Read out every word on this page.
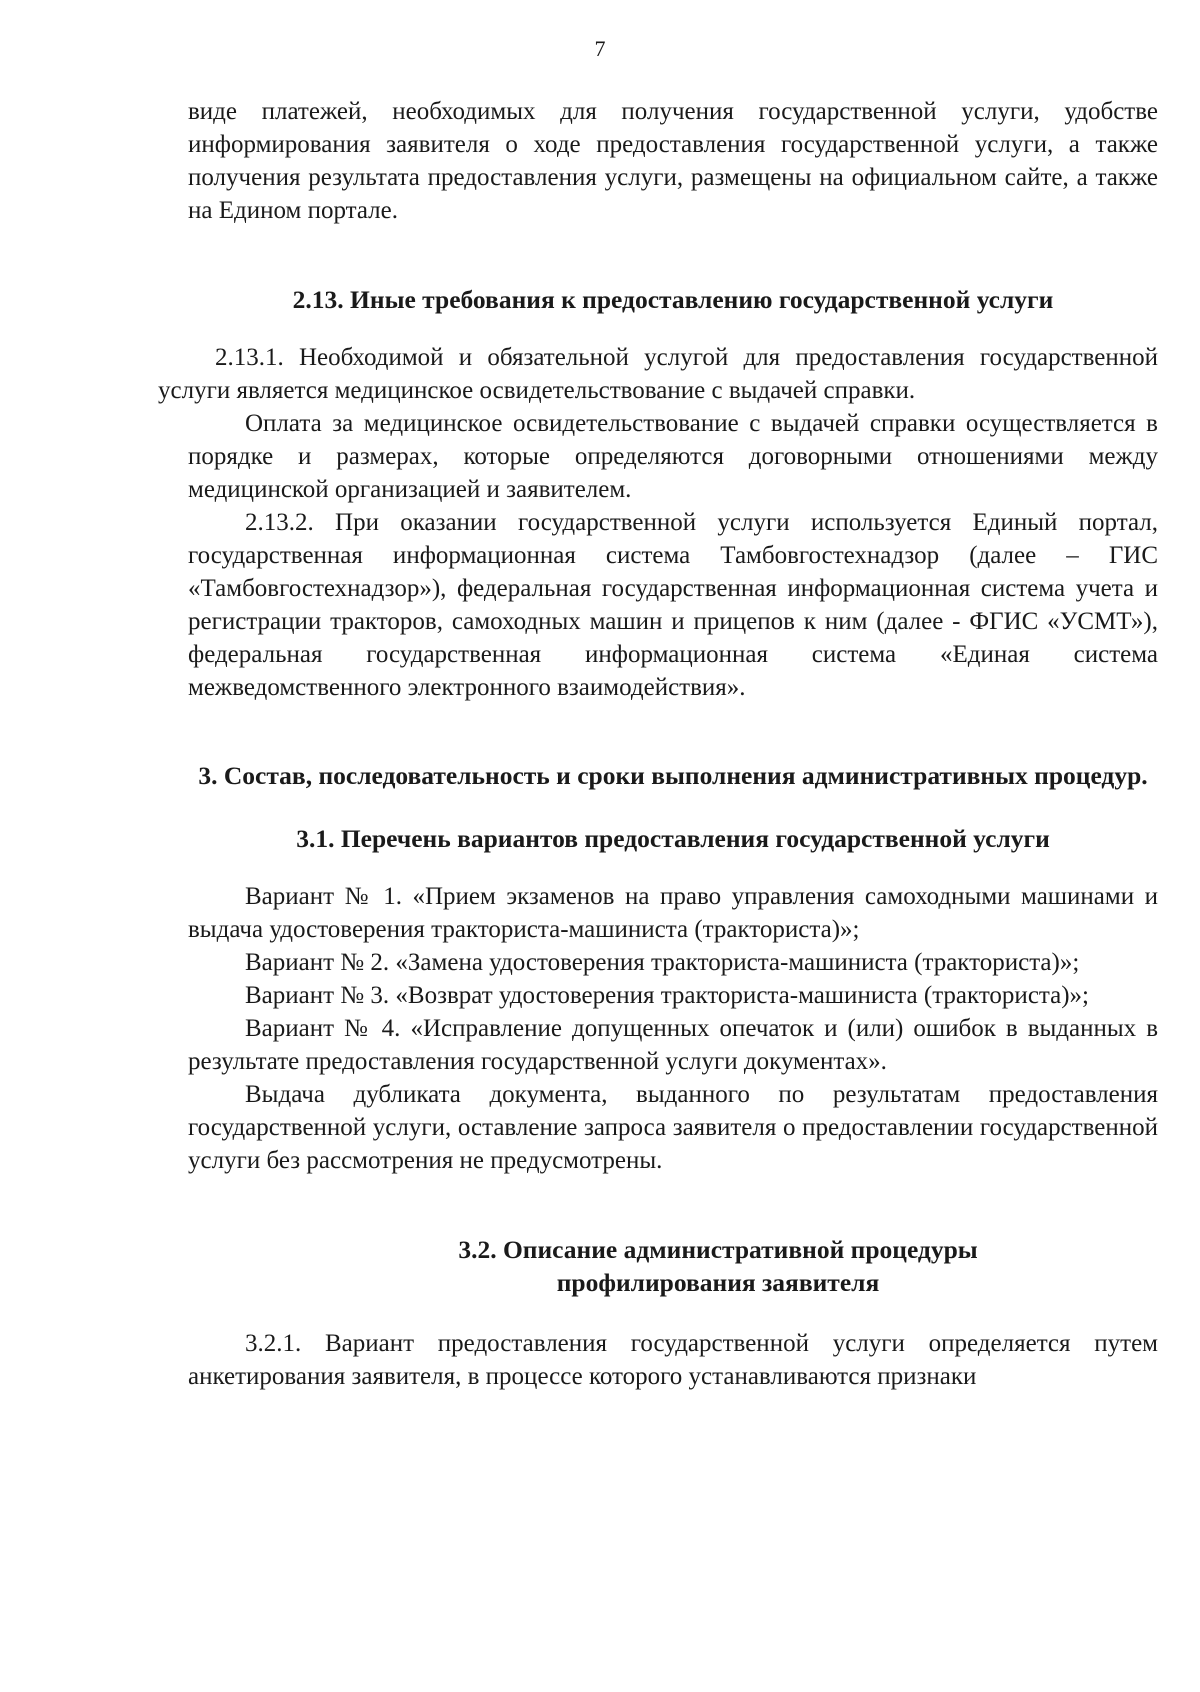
7

виде платежей, необходимых для получения государственной услуги, удобстве информирования заявителя о ходе предоставления государственной услуги, а также получения результата предоставления услуги, размещены на официальном сайте, а также на Едином портале.

2.13. Иные требования к предоставлению государственной услуги

2.13.1. Необходимой и обязательной услугой для предоставления государственной услуги является медицинское освидетельствование с выдачей справки.

Оплата за медицинское освидетельствование с выдачей справки осуществляется в порядке и размерах, которые определяются договорными отношениями между медицинской организацией и заявителем.

2.13.2. При оказании государственной услуги используется Единый портал, государственная информационная система Тамбовгостехнадзор (далее – ГИС «Тамбовгостехнадзор»), федеральная государственная информационная система учета и регистрации тракторов, самоходных машин и прицепов к ним (далее - ФГИС «УСМТ»), федеральная государственная информационная система «Единая система межведомственного электронного взаимодействия».

3. Состав, последовательность и сроки выполнения административных процедур.

3.1. Перечень вариантов предоставления государственной услуги

Вариант № 1. «Прием экзаменов на право управления самоходными машинами и выдача удостоверения тракториста-машиниста (тракториста)»;

Вариант № 2. «Замена удостоверения тракториста-машиниста (тракториста)»;

Вариант № 3. «Возврат удостоверения тракториста-машиниста (тракториста)»;

Вариант № 4. «Исправление допущенных опечаток и (или) ошибок в выданных в результате предоставления государственной услуги документах».

Выдача дубликата документа, выданного по результатам предоставления государственной услуги, оставление запроса заявителя о предоставлении государственной услуги без рассмотрения не предусмотрены.

3.2. Описание административной процедуры профилирования заявителя

3.2.1. Вариант предоставления государственной услуги определяется путем анкетирования заявителя, в процессе которого устанавливаются признаки
